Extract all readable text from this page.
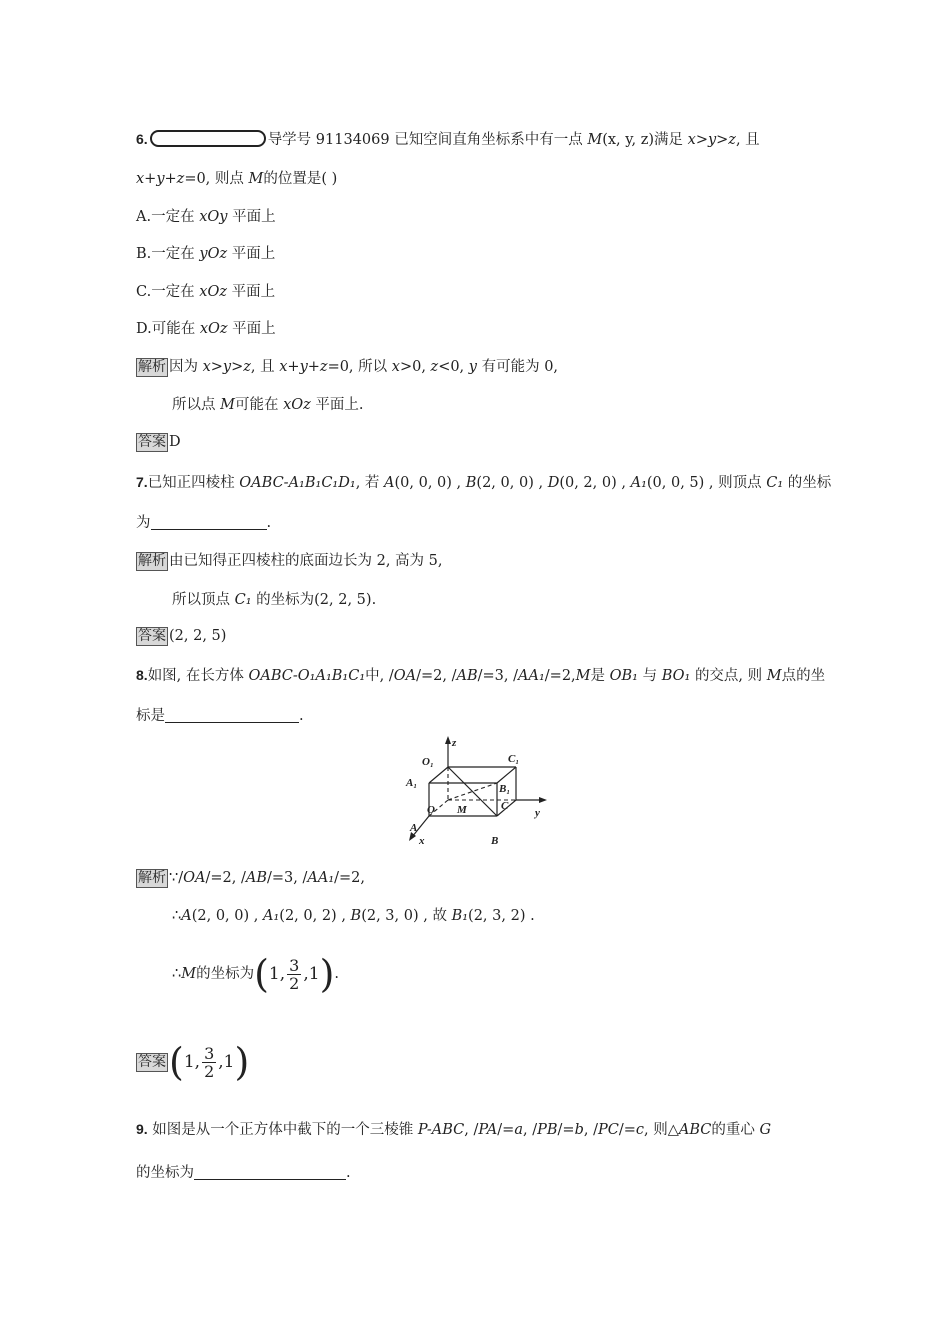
6.	导学号 91134069 已知空间直角坐标系中有一点 M(x, y, z)满足 x>y>z, 且
x+y+z=0, 则点 M的位置是( )
A.一定在 xOy 平面上
B.一定在 yOz 平面上
C.一定在 xOz 平面上
D.可能在 xOz 平面上
解析 因为 x>y>z, 且 x+y+z=0, 所以 x>0, z<0, y 有可能为 0,
所以点 M可能在 xOz 平面上.
答案 D
7.已知正四棱柱 OABC-A₁B₁C₁D₁, 若 A(0, 0, 0) , B(2, 0, 0) , D(0, 2, 0) , A₁(0, 0, 5) , 则顶点 C₁ 的坐标
为	.
解析 由已知得正四棱柱的底面边长为 2, 高为 5,
所以顶点 C₁ 的坐标为(2, 2, 5).
答案 (2, 2, 5)
8.如图, 在长方体 OABC-O₁A₁B₁C₁中, /OA/=2, /AB/=3, /AA₁/=2,M是 OB₁ 与 BO₁ 的交点, 则 M点的坐
标是	.
z
O₁	C₁
A₁	B₁
O M	C
y
A
x	B
解析 ∵/OA/=2, /AB/=3, /AA₁/=2,
∴A(2, 0, 0) , A₁(2, 0, 2) , B(2, 3, 0) , 故 B₁(2, 3, 2) .
∴M的坐标为(1, $\frac{3}{2} ,1$).
答案(1, $\frac{3}{2} ,1$)
9. 如图是从一个正方体中截下的一个三棱锥 P-ABC, /PA/=a, /PB/=b, /PC/=c, 则△ABC的重心 G
的坐标为	.
